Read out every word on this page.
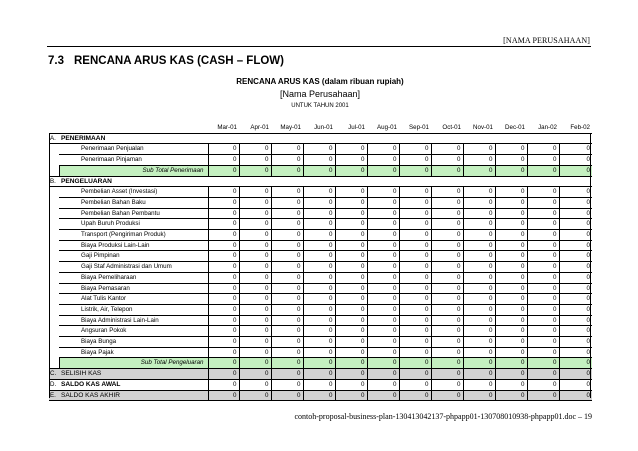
[NAMA PERUSAHAAN]
7.3 RENCANA ARUS KAS (CASH – FLOW)
RENCANA ARUS KAS (dalam ribuan rupiah)
[Nama Perusahaan]
UNTUK TAHUN 2001
		Mar-01	Apr-01	May-01	Jun-01	Jul-01	Aug-01	Sep-01	Oct-01	Nov-01	Dec-01	Jan-02	Feb-02
A.	PENERIMAAN												
	Penerimaan Penjualan	0	0	0	0	0	0	0	0	0	0	0	0
	Penerimaan Pinjaman	0	0	0	0	0	0	0	0	0	0	0	0
	Sub Total Penerimaan	0	0	0	0	0	0	0	0	0	0	0	0
B.	PENGELUARAN												
	Pembelian Asset (Investasi)	0	0	0	0	0	0	0	0	0	0	0	0
	Pembelian Bahan Baku	0	0	0	0	0	0	0	0	0	0	0	0
	Pembelian Bahan Pembantu	0	0	0	0	0	0	0	0	0	0	0	0
	Upah Buruh Produksi	0	0	0	0	0	0	0	0	0	0	0	0
	Transport (Pengiriman Produk)	0	0	0	0	0	0	0	0	0	0	0	0
	Biaya Produksi Lain-Lain	0	0	0	0	0	0	0	0	0	0	0	0
	Gaji Pimpinan	0	0	0	0	0	0	0	0	0	0	0	0
	Gaji Staf Administrasi dan Umum	0	0	0	0	0	0	0	0	0	0	0	0
	Biaya Pemeliharaan	0	0	0	0	0	0	0	0	0	0	0	0
	Biaya Pemasaran	0	0	0	0	0	0	0	0	0	0	0	0
	Alat Tulis Kantor	0	0	0	0	0	0	0	0	0	0	0	0
	Listrik, Air, Telepon	0	0	0	0	0	0	0	0	0	0	0	0
	Biaya Administrasi Lain-Lain	0	0	0	0	0	0	0	0	0	0	0	0
	Angsuran Pokok	0	0	0	0	0	0	0	0	0	0	0	0
	Biaya Bunga	0	0	0	0	0	0	0	0	0	0	0	0
	Biaya Pajak	0	0	0	0	0	0	0	0	0	0	0	0
	Sub Total Pengeluaran	0	0	0	0	0	0	0	0	0	0	0	0
C.	SELISIH KAS	0	0	0	0	0	0	0	0	0	0	0	0
D.	SALDO KAS AWAL	0	0	0	0	0	0	0	0	0	0	0	0
E.	SALDO KAS AKHIR	0	0	0	0	0	0	0	0	0	0	0	0
contoh-proposal-business-plan-130413042137-phpapp01-130708010938-phpapp01.doc – 19
